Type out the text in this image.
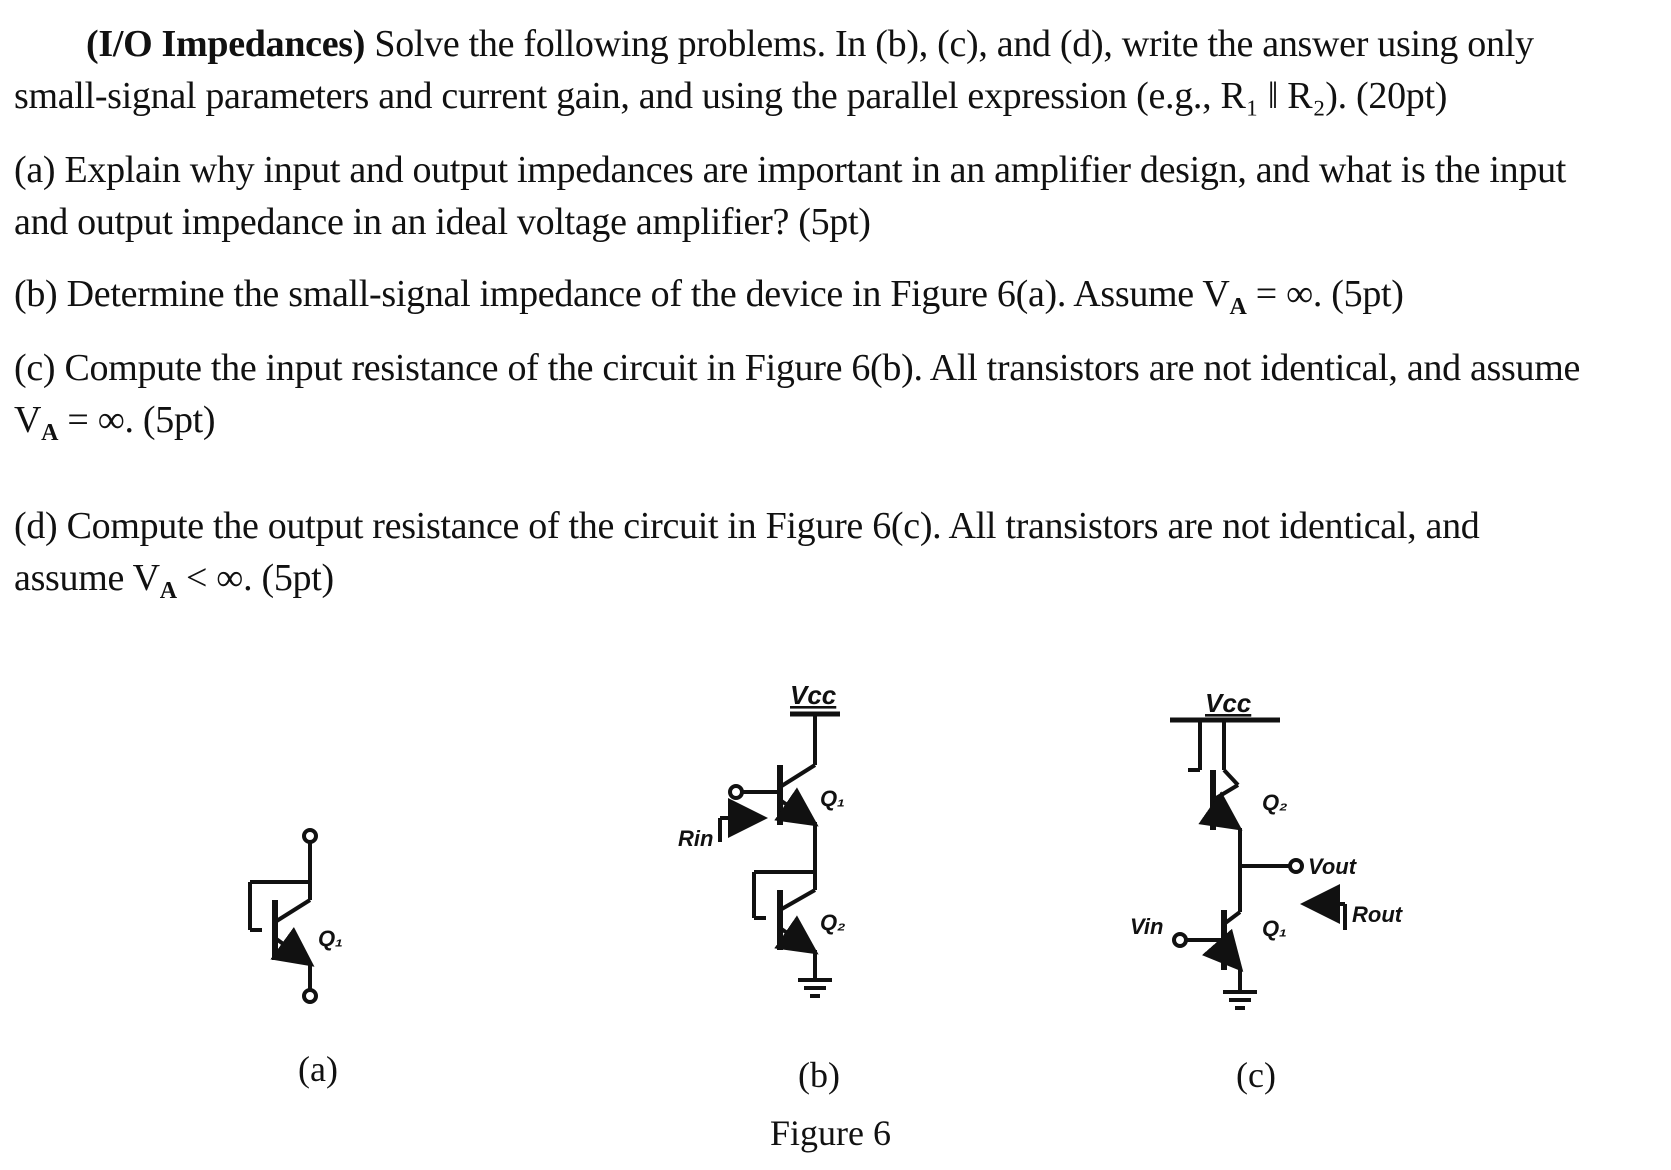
(I/O Impedances) Solve the following problems. In (b), (c), and (d), write the answer using only

small-signal parameters and current gain, and using the parallel expression (e.g., R₁ ‖ R₂). (20pt)

(a) Explain why input and output impedances are important in an amplifier design, and what is the input

and output impedance in an ideal voltage amplifier? (5pt)

(b) Determine the small-signal impedance of the device in Figure 6(a). Assume $V_A$ = ∞. (5pt)

(c) Compute the input resistance of the circuit in Figure 6(b). All transistors are not identical, and assume

$V_A$ = ∞. (5pt)

(d) Compute the output resistance of the circuit in Figure 6(c). All transistors are not identical, and

assume $V_A$ < ∞. (5pt)

Q₁
Vcc
Q₁
Q₂
Rin
Vcc
Q₂
Q₁
Vout
Rout
Vin
(a)	(b)	(c)
Figure 6
